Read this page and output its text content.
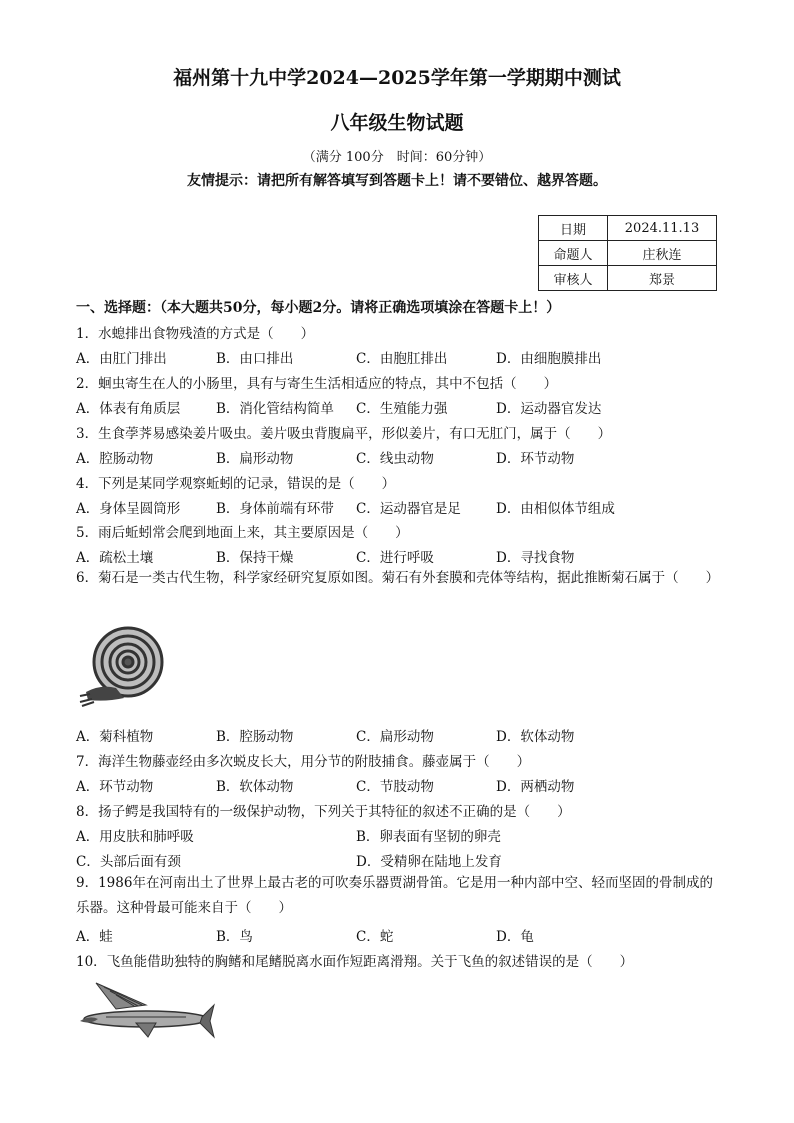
福州第十九中学2024—2025学年第一学期期中测试
八年级生物试题
（满分 100分　时间：60分钟）
友情提示：请把所有解答填写到答题卡上！请不要错位、越界答题。
日期	2024.11.13
命题人	庄秋连
审核人	郑景
一、选择题：（本大题共50分，每小题2分。请将正确选项填涂在答题卡上！）
1．水螅排出食物残渣的方式是（　　）
A．由肛门排出	B．由口排出	C．由胞肛排出	D．由细胞膜排出
2．蛔虫寄生在人的小肠里，具有与寄生生活相适应的特点，其中不包括（　　）
A．体表有角质层	B．消化管结构简单 C．生殖能力强	D．运动器官发达
3．生食荸荠易感染姜片吸虫。姜片吸虫背腹扁平，形似姜片，有口无肛门，属于（　　）
A．腔肠动物	B．扁形动物	C．线虫动物	D．环节动物
4．下列是某同学观察蚯蚓的记录，错误的是（　　）
A．身体呈圆筒形	B．身体前端有环带 C．运动器官是足	D．由相似体节组成
5．雨后蚯蚓常会爬到地面上来，其主要原因是（　　）
A．疏松土壤	B．保持干燥	C．进行呼吸	D．寻找食物
6．菊石是一类古代生物，科学家经研究复原如图。菊石有外套膜和壳体等结构，据此推断菊石属于（　　）
A．菊科植物	B．腔肠动物	C．扁形动物	D．软体动物
7．海洋生物藤壶经由多次蜕皮长大，用分节的附肢捕食。藤壶属于（　　）
A．环节动物	B．软体动物	C．节肢动物	D．两栖动物
8．扬子鳄是我国特有的一级保护动物，下列关于其特征的叙述不正确的是（　　）
A．用皮肤和肺呼吸	B．卵表面有坚韧的卵壳
C．头部后面有颈	D．受精卵在陆地上发育
9．1986年在河南出土了世界上最古老的可吹奏乐器贾湖骨笛。它是用一种内部中空、轻而坚固的骨制成的乐器。这种骨最可能来自于（　　）
A．蛙	B．鸟	C．蛇	D．龟
10．飞鱼能借助独特的胸鳍和尾鳍脱离水面作短距离滑翔。关于飞鱼的叙述错误的是（　　）
